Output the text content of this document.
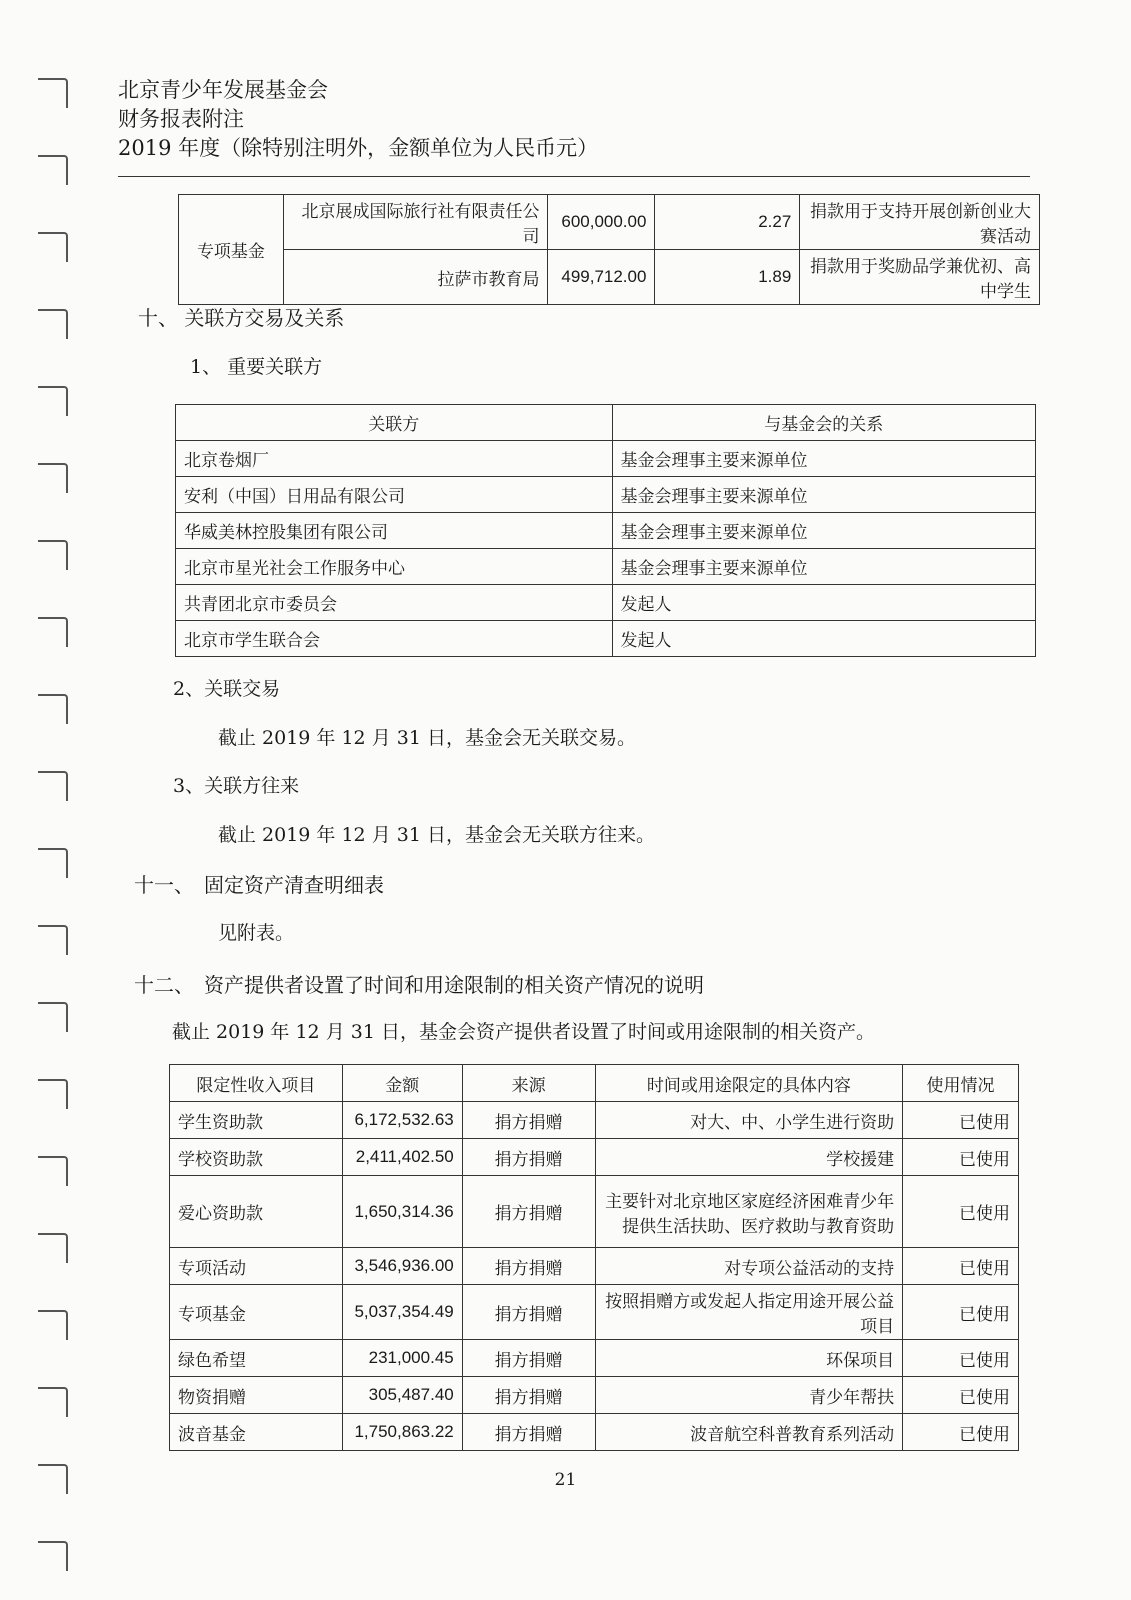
北京青少年发展基金会
财务报表附注
2019 年度（除特别注明外，金额单位为人民币元）
专项基金	北京展成国际旅行社有限责任公司	600,000.00	2.27	捐款用于支持开展创新创业大赛活动
	拉萨市教育局	499,712.00	1.89	捐款用于奖励品学兼优初、高中学生
十、 关联方交易及关系
1、 重要关联方
关联方	与基金会的关系
北京卷烟厂	基金会理事主要来源单位
安利（中国）日用品有限公司	基金会理事主要来源单位
华威美林控股集团有限公司	基金会理事主要来源单位
北京市星光社会工作服务中心	基金会理事主要来源单位
共青团北京市委员会	发起人
北京市学生联合会	发起人
2、关联交易
截止 2019 年 12 月 31 日，基金会无关联交易。
3、关联方往来
截止 2019 年 12 月 31 日，基金会无关联方往来。
十一、　固定资产清查明细表
见附表。
十二、　资产提供者设置了时间和用途限制的相关资产情况的说明
截止 2019 年 12 月 31 日，基金会资产提供者设置了时间或用途限制的相关资产。
限定性收入项目	金额	来源	时间或用途限定的具体内容	使用情况
学生资助款	6,172,532.63	捐方捐赠	对大、中、小学生进行资助	已使用
学校资助款	2,411,402.50	捐方捐赠	学校援建	已使用
爱心资助款	1,650,314.36	捐方捐赠	主要针对北京地区家庭经济困难青少年提供生活扶助、医疗救助与教育资助	已使用
专项活动	3,546,936.00	捐方捐赠	对专项公益活动的支持	已使用
专项基金	5,037,354.49	捐方捐赠	按照捐赠方或发起人指定用途开展公益项目	已使用
绿色希望	231,000.45	捐方捐赠	环保项目	已使用
物资捐赠	305,487.40	捐方捐赠	青少年帮扶	已使用
波音基金	1,750,863.22	捐方捐赠	波音航空科普教育系列活动	已使用
21
